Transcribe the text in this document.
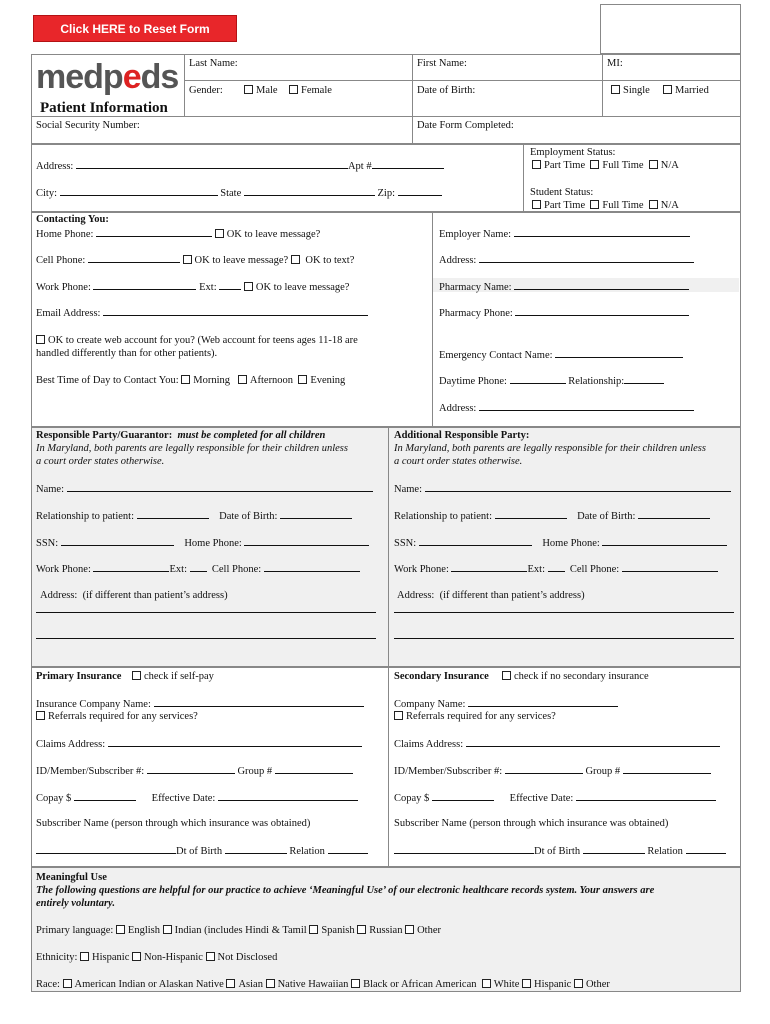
Click HERE to Reset Form
medpeds
Patient Information
Last Name:	First Name:	MI:
Gender:	Male	Female	Date of Birth:	Single	Married
Social Security Number:	Date Form Completed:
Address:	Apt #
City:	State	Zip:
Employment Status:
Part Time Full Time N/A
Student Status:
Part Time Full Time N/A
Contacting You:
Home Phone:	OK to leave message?
Cell Phone:	OK to leave message? OK to text?
Work Phone:	Ext:	OK to leave message?
Email Address:
OK to create web account for you? (Web account for teens ages 11-18 are
handled differently than for other patients).
Best Time of Day to Contact You: Morning Afternoon Evening
Employer Name:
Address:
Pharmacy Name:
Pharmacy Phone:
Emergency Contact Name:
Daytime Phone:	Relationship:
Address:
Responsible Party/Guarantor: must be completed for all children
In Maryland, both parents are legally responsible for their children unless
a court order states otherwise.
Name:
Relationship to patient:	Date of Birth:
SSN:	Home Phone:
Work Phone:	Ext: Cell Phone:
Address: (if different than patient’s address)
Additional Responsible Party:
In Maryland, both parents are legally responsible for their children unless
a court order states otherwise.
Name:
Relationship to patient:	Date of Birth:
SSN:	Home Phone:
Work Phone:	Ext: Cell Phone:
Address: (if different than patient’s address)
Primary Insurance check if self-pay
Insurance Company Name:
Referrals required for any services?
Claims Address:
ID/Member/Subscriber #:	Group #
Copay $	Effective Date:
Subscriber Name (person through which insurance was obtained)
Dt of Birth	Relation
Secondary Insurance check if no secondary insurance
Company Name:
Referrals required for any services?
Claims Address:
ID/Member/Subscriber #:	Group #
Copay $	Effective Date:
Subscriber Name (person through which insurance was obtained)
Dt of Birth	Relation
Meaningful Use
The following questions are helpful for our practice to achieve ‘Meaningful Use’ of our electronic healthcare records system. Your answers are
entirely voluntary.
Primary language: English Indian (includes Hindi & Tamil Spanish Russian Other
Ethnicity: Hispanic Non-Hispanic Not Disclosed
Race: American Indian or Alaskan Native Asian Native Hawaiian Black or African American White Hispanic Other
